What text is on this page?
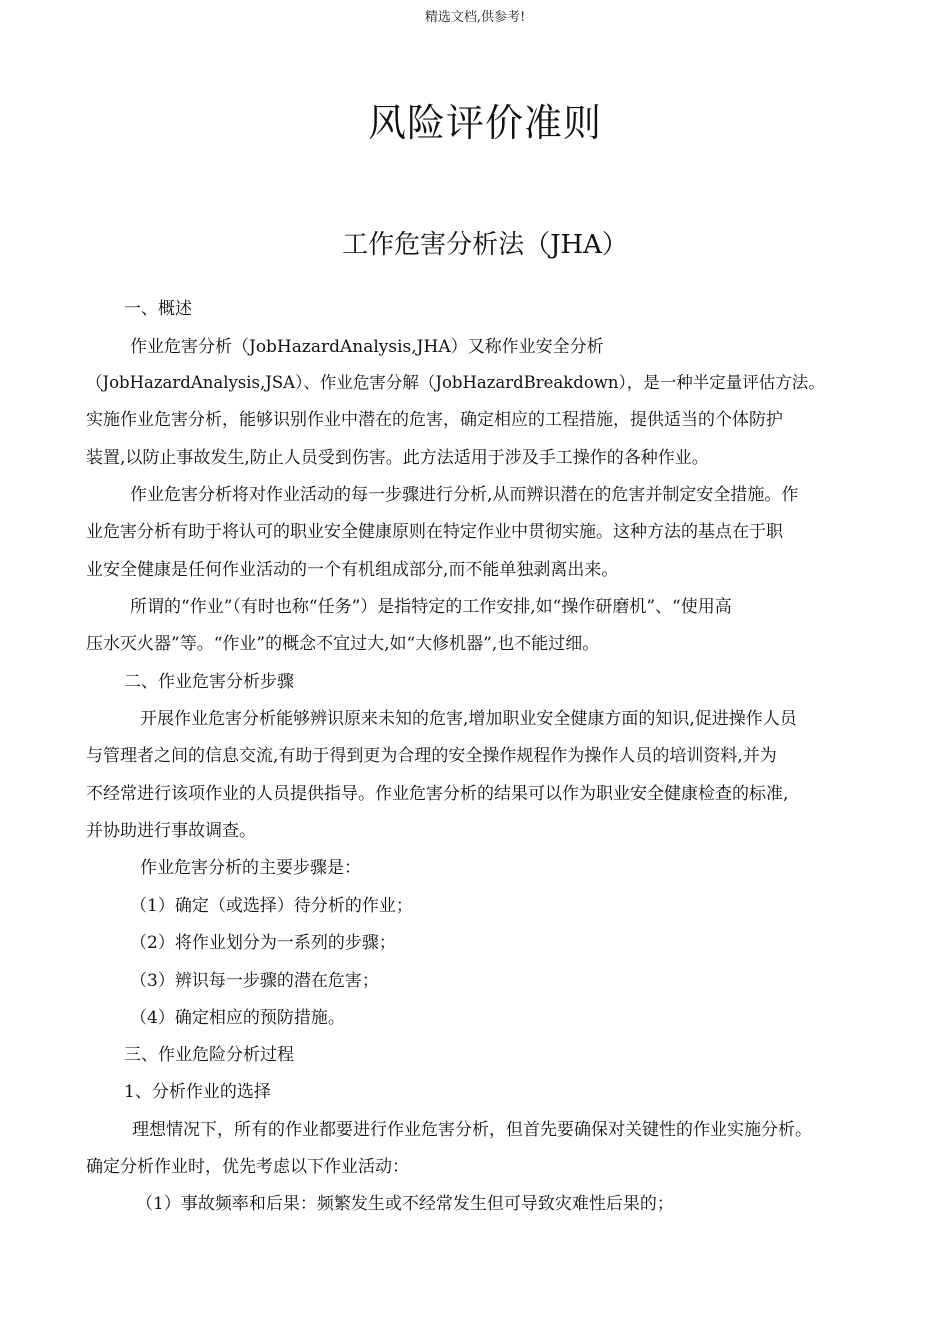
精选文档,供参考!
风险评价准则
工作危害分析法（JHA）
一、概述
作业危害分析（JobHazardAnalysis,JHA）又称作业安全分析
（JobHazardAnalysis,JSA）、作业危害分解（JobHazardBreakdown），是一种半定量评估方法。
实施作业危害分析，能够识别作业中潜在的危害，确定相应的工程措施，提供适当的个体防护
装置,以防止事故发生,防止人员受到伤害。此方法适用于涉及手工操作的各种作业。
作业危害分析将对作业活动的每一步骤进行分析,从而辨识潜在的危害并制定安全措施。作
业危害分析有助于将认可的职业安全健康原则在特定作业中贯彻实施。这种方法的基点在于职
业安全健康是任何作业活动的一个有机组成部分,而不能单独剥离出来。
所谓的“作业”（有时也称“任务”）是指特定的工作安排,如“操作研磨机”、“使用高
压水灭火器”等。“作业”的概念不宜过大,如“大修机器”,也不能过细。
二、作业危害分析步骤
开展作业危害分析能够辨识原来未知的危害,增加职业安全健康方面的知识,促进操作人员
与管理者之间的信息交流,有助于得到更为合理的安全操作规程作为操作人员的培训资料,并为
不经常进行该项作业的人员提供指导。作业危害分析的结果可以作为职业安全健康检查的标准,
并协助进行事故调查。
作业危害分析的主要步骤是：
（1）确定（或选择）待分析的作业；
（2）将作业划分为一系列的步骤；
（3）辨识每一步骤的潜在危害；
（4）确定相应的预防措施。
三、作业危险分析过程
1、分析作业的选择
理想情况下，所有的作业都要进行作业危害分析，但首先要确保对关键性的作业实施分析。
确定分析作业时，优先考虑以下作业活动：
（1）事故频率和后果：频繁发生或不经常发生但可导致灾难性后果的；
